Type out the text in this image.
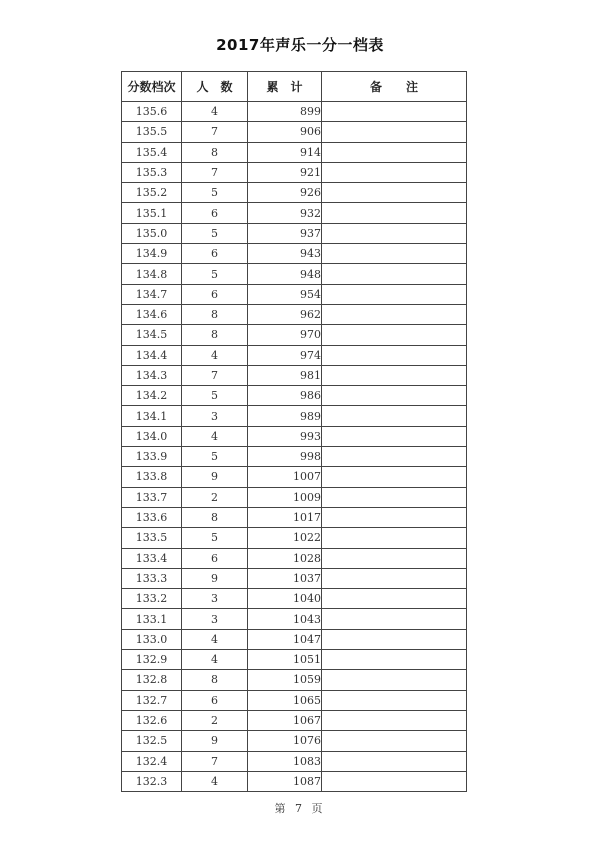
2017年声乐一分一档表
分数档次	人　数	累　计	备　　注
135.6	4	899	
135.5	7	906	
135.4	8	914	
135.3	7	921	
135.2	5	926	
135.1	6	932	
135.0	5	937	
134.9	6	943	
134.8	5	948	
134.7	6	954	
134.6	8	962	
134.5	8	970	
134.4	4	974	
134.3	7	981	
134.2	5	986	
134.1	3	989	
134.0	4	993	
133.9	5	998	
133.8	9	1007	
133.7	2	1009	
133.6	8	1017	
133.5	5	1022	
133.4	6	1028	
133.3	9	1037	
133.2	3	1040	
133.1	3	1043	
133.0	4	1047	
132.9	4	1051	
132.8	8	1059	
132.7	6	1065	
132.6	2	1067	
132.5	9	1076	
132.4	7	1083	
132.3	4	1087	
第 7 页
